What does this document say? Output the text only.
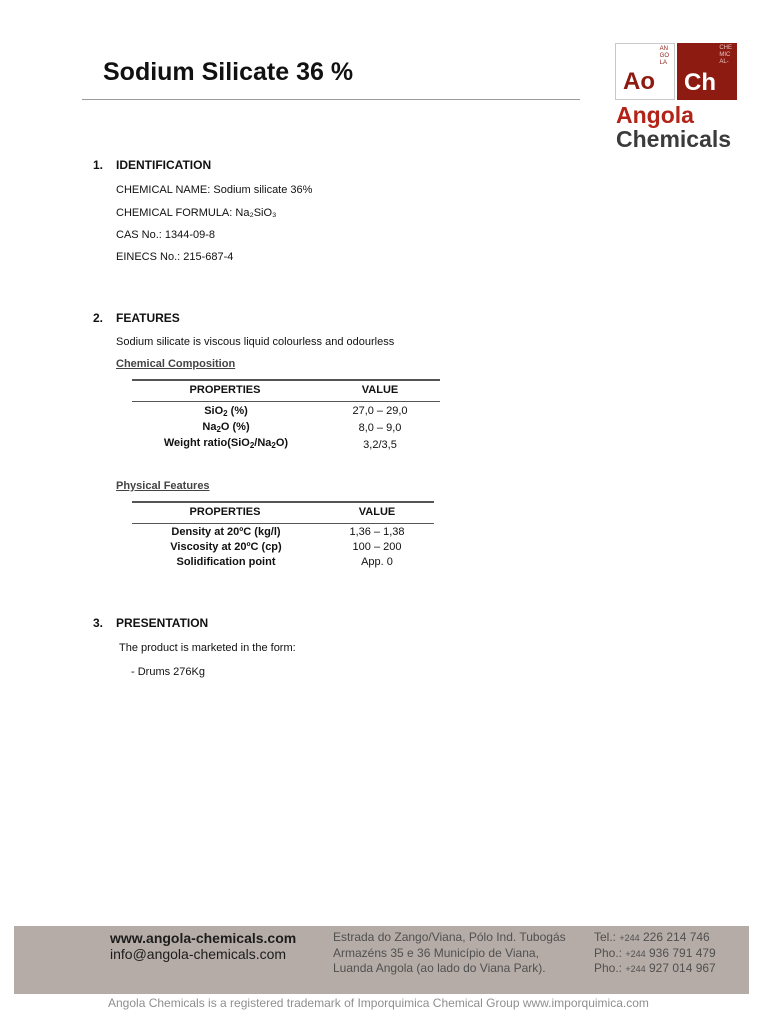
Sodium Silicate 36 %
AN
GO
LA
Ao
CHE
MIC
AL-
Ch
Angola
Chemicals
1. IDENTIFICATION
CHEMICAL NAME: Sodium silicate 36%
CHEMICAL FORMULA: Na₂SiO₃
CAS No.: 1344-09-8
EINECS No.: 215-687-4
2. FEATURES
Sodium silicate is viscous liquid colourless and odourless
Chemical Composition
PROPERTIES	VALUE
SiO$_2$ (%)	27,0 – 29,0
$Na_2O$ (%)	8,0 – 9,0
Weight $ratio(SiO_2/Na_2O)$	3,2/3,5
Physical Features
PROPERTIES	VALUE
Density at 20ºC (kg/l)	1,36 – 1,38
Viscosity at 20ºC (cp)	100 – 200
Solidification point	App. 0
3. PRESENTATION
The product is marketed in the form:
- Drums 276Kg
www.angola-chemicals.com
info@angola-chemicals.com
Estrada do Zango/Viana, Pólo Ind. Tubogás
Armazéns 35 e 36 Município de Viana,
Luanda Angola (ao lado do Viana Park).
Tel.: +244 226 214 746
Pho.: +244 936 791 479
Pho.: +244 927 014 967
Angola Chemicals is a registered trademark of Imporquimica Chemical Group www.imporquimica.com
